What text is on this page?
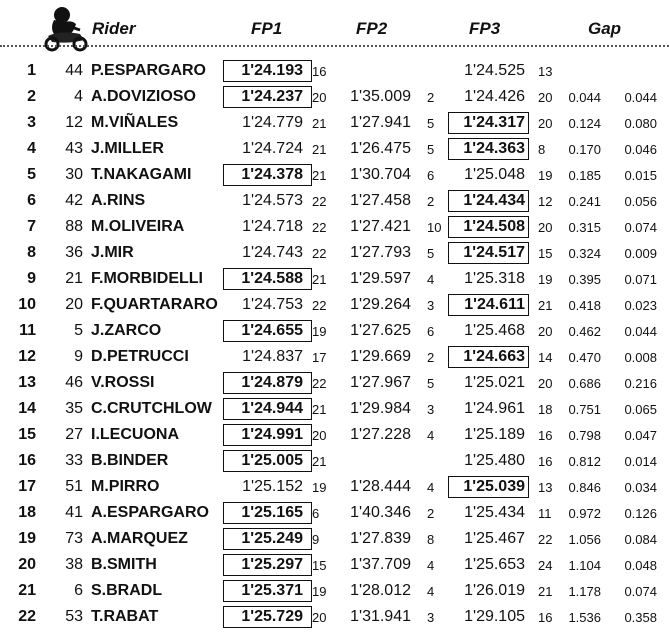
Rider	FP1	FP2	FP3	Gap
1 44 P.ESPARGARO 1'24.193 16	1'24.525 13
2 4 A.DOVIZIOSO	1'24.237 20 1'35.009 2 1'24.426 20 0.044 0.044
3 12 M.VIÑALES	1'24.779 21 1'27.941 5 1'24.317 20 0.124 0.080
4 43 J.MILLER	1'24.724 21 1'26.475 5 1'24.363 8 0.170 0.046
5 30 T.NAKAGAMI	1'24.378 21 1'30.704 6 1'25.048 19 0.185 0.015
6 42 A.RINS	1'24.573 22 1'27.458 2 1'24.434 12 0.241 0.056
7 88 M.OLIVEIRA	1'24.718 22 1'27.421 10 1'24.508 20 0.315 0.074
8 36 J.MIR	1'24.743 22 1'27.793 5 1'24.517 15 0.324 0.009
9 21 F.MORBIDELLI 1'24.588 21 1'29.597 4 1'25.318 19 0.395 0.071
10 20 F.QUARTARARO 1'24.753 22 1'29.264 3 1'24.611 21 0.418 0.023
11 5 J.ZARCO	1'24.655 19 1'27.625 6 1'25.468 20 0.462 0.044
12 9 D.PETRUCCI	1'24.837 17 1'29.669 2 1'24.663 14 0.470 0.008
13 46 V.ROSSI	1'24.879 22 1'27.967 5 1'25.021 20 0.686 0.216
14 35 C.CRUTCHLOW 1'24.944 21 1'29.984 3 1'24.961 18 0.751 0.065
15 27 I.LECUONA	1'24.991 20 1'27.228 4 1'25.189 16 0.798 0.047
16 33 B.BINDER	1'25.005 21	1'25.480 16 0.812 0.014
17 51 M.PIRRO	1'25.152 19 1'28.444 4 1'25.039 13 0.846 0.034
18 41 A.ESPARGARO 1'25.165 6 1'40.346 2 1'25.434 11 0.972 0.126
19 73 A.MARQUEZ	1'25.249 9 1'27.839 8 1'25.467 22 1.056 0.084
20 38 B.SMITH	1'25.297 15 1'37.709 4 1'25.653 24 1.104 0.048
21 6 S.BRADL	1'25.371 19 1'28.012 4 1'26.019 21 1.178 0.074
22 53 T.RABAT	1'25.729 20 1'31.941 3 1'29.105 16 1.536 0.358
